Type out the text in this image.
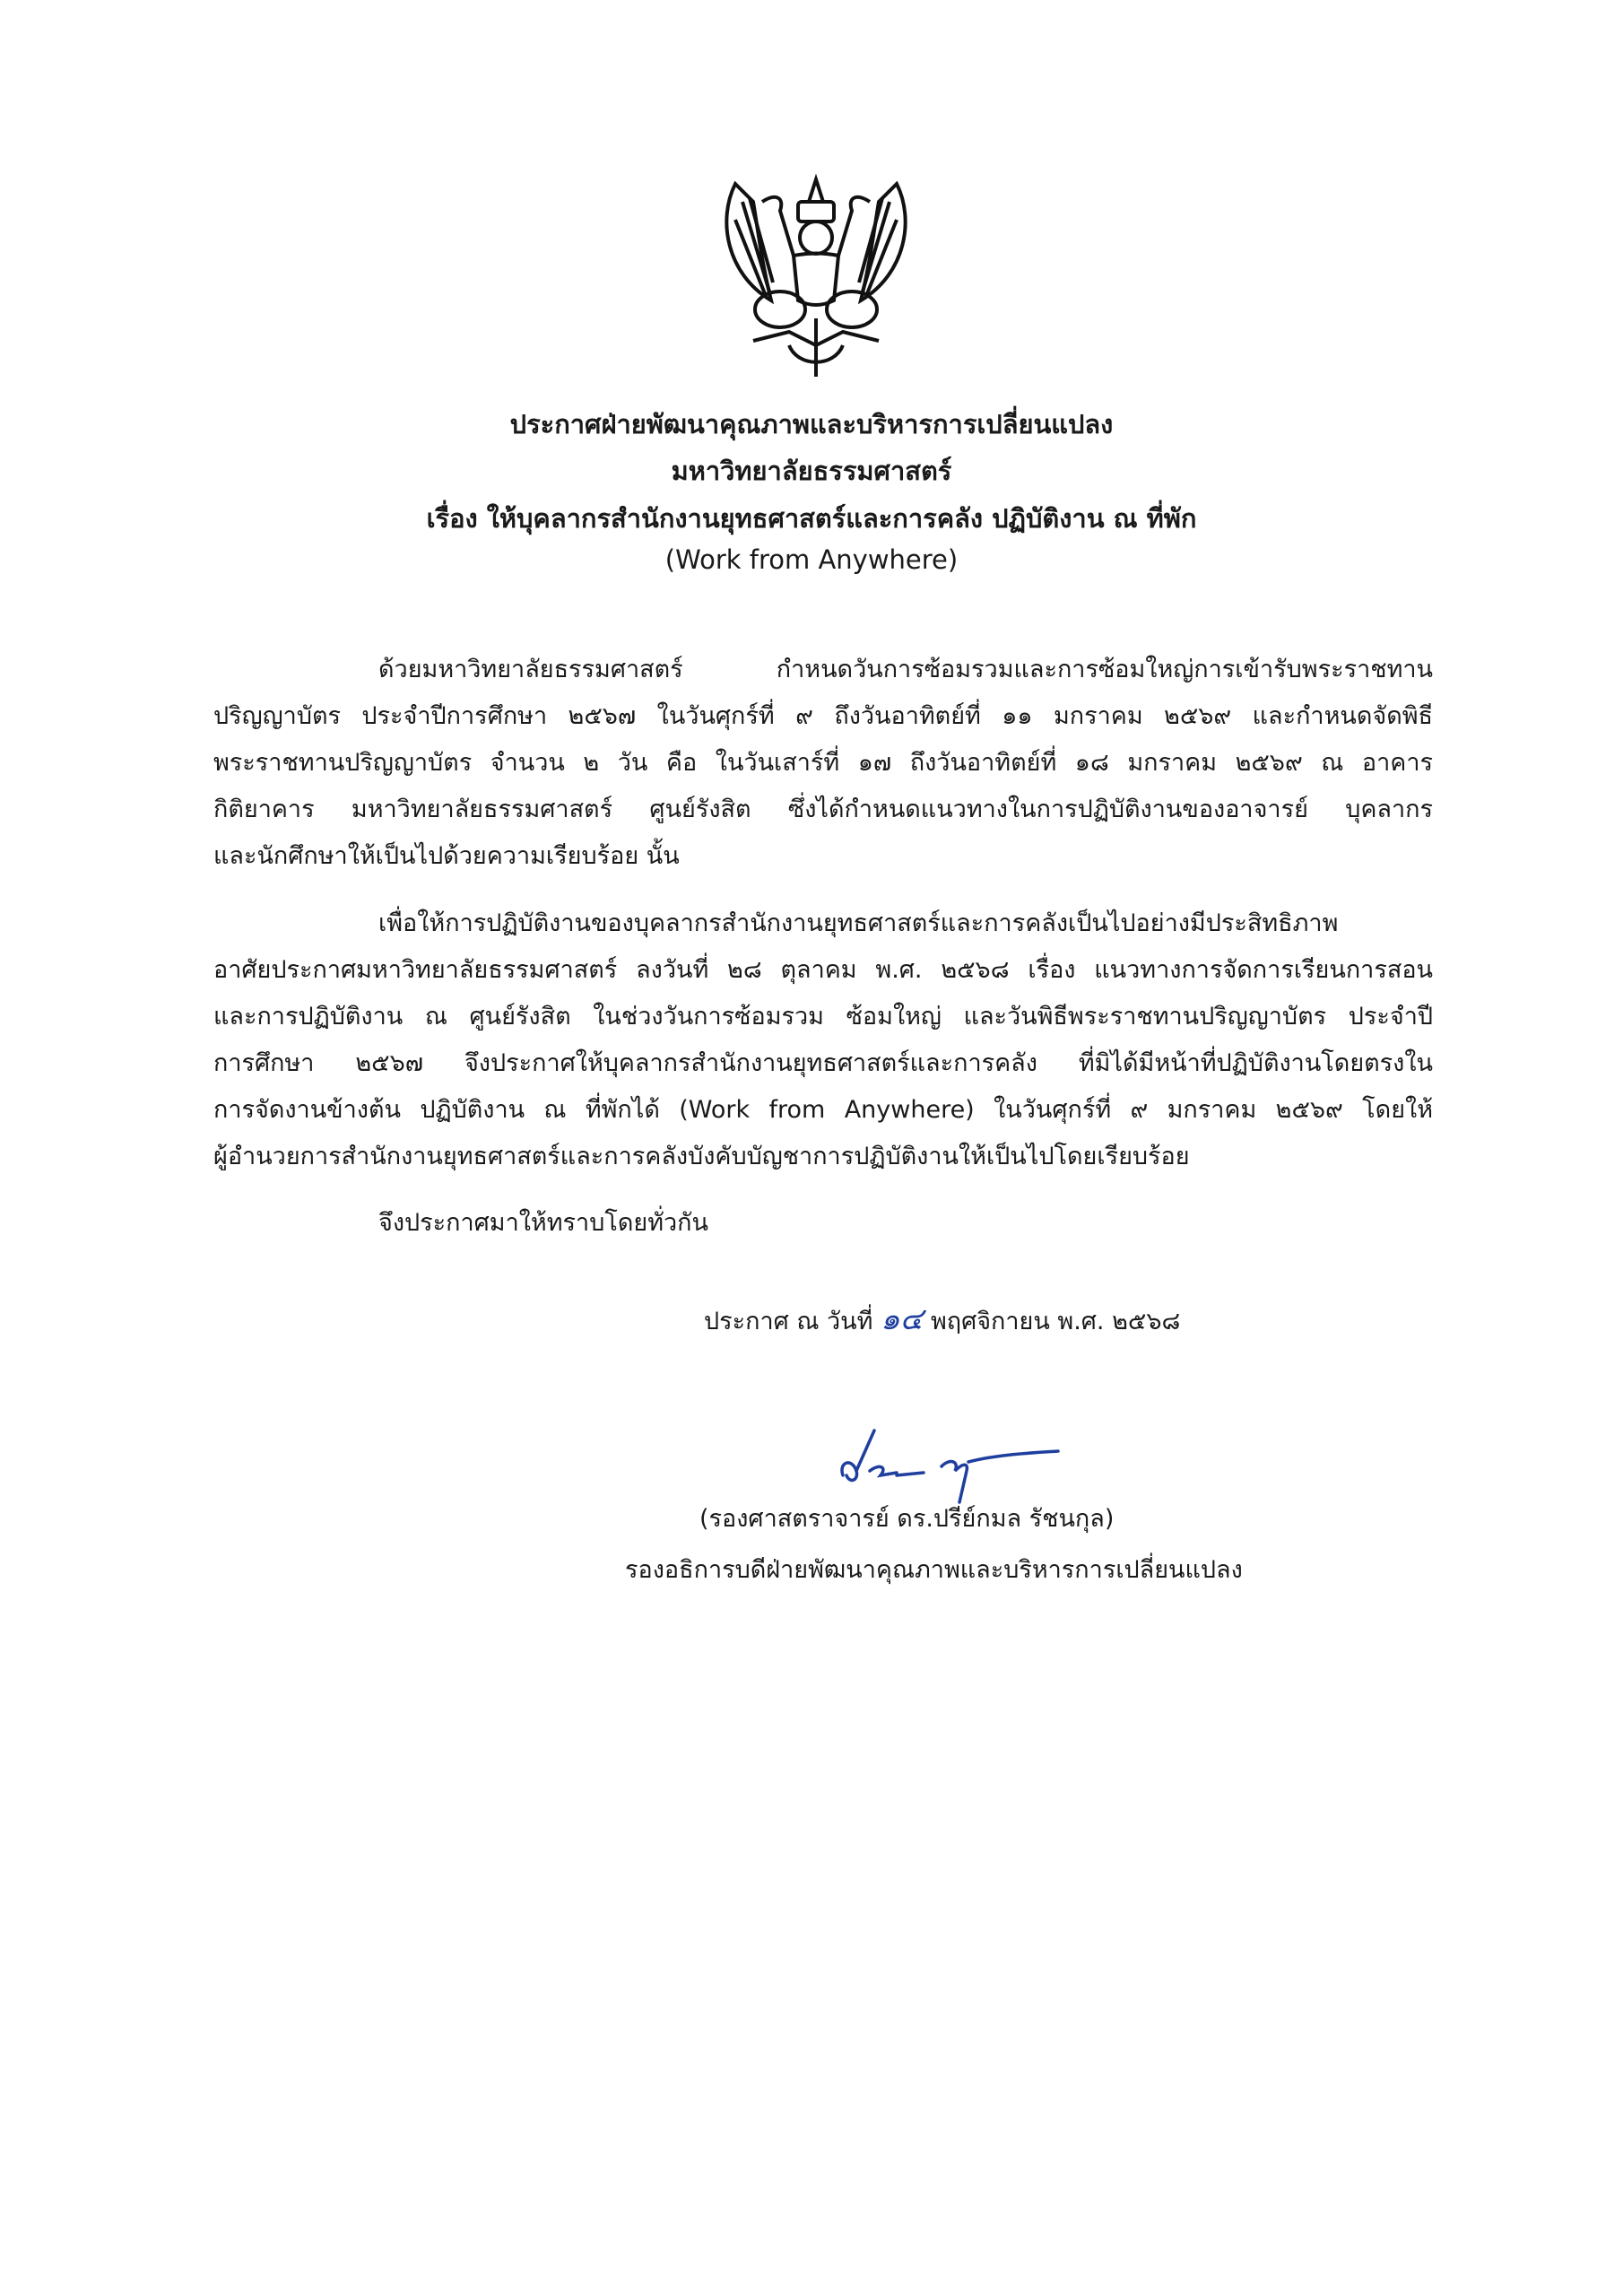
ประกาศฝ่ายพัฒนาคุณภาพและบริหารการเปลี่ยนแปลง
มหาวิทยาลัยธรรมศาสตร์
เรื่อง ให้บุคลากรสำนักงานยุทธศาสตร์และการคลัง ปฏิบัติงาน ณ ที่พัก
(Work from Anywhere)
ด้วยมหาวิทยาลัยธรรมศาสตร์ กำหนดวันการซ้อมรวมและการซ้อมใหญ่การเข้ารับพระราชทาน
ปริญญาบัตร ประจำปีการศึกษา ๒๕๖๗ ในวันศุกร์ที่ ๙ ถึงวันอาทิตย์ที่ ๑๑ มกราคม ๒๕๖๙ และกำหนดจัดพิธี
พระราชทานปริญญาบัตร จำนวน ๒ วัน คือ ในวันเสาร์ที่ ๑๗ ถึงวันอาทิตย์ที่ ๑๘ มกราคม ๒๕๖๙ ณ อาคาร
กิติยาคาร มหาวิทยาลัยธรรมศาสตร์ ศูนย์รังสิต ซึ่งได้กำหนดแนวทางในการปฏิบัติงานของอาจารย์ บุคลากร
และนักศึกษาให้เป็นไปด้วยความเรียบร้อย นั้น
เพื่อให้การปฏิบัติงานของบุคลากรสำนักงานยุทธศาสตร์และการคลังเป็นไปอย่างมีประสิทธิภาพ
อาศัยประกาศมหาวิทยาลัยธรรมศาสตร์ ลงวันที่ ๒๘ ตุลาคม พ.ศ. ๒๕๖๘ เรื่อง แนวทางการจัดการเรียนการสอน
และการปฏิบัติงาน ณ ศูนย์รังสิต ในช่วงวันการซ้อมรวม ซ้อมใหญ่ และวันพิธีพระราชทานปริญญาบัตร ประจำปี
การศึกษา ๒๕๖๗ จึงประกาศให้บุคลากรสำนักงานยุทธศาสตร์และการคลัง ที่มิได้มีหน้าที่ปฏิบัติงานโดยตรงใน
การจัดงานข้างต้น ปฏิบัติงาน ณ ที่พักได้ (Work from Anywhere) ในวันศุกร์ที่ ๙ มกราคม ๒๕๖๙ โดยให้
ผู้อำนวยการสำนักงานยุทธศาสตร์และการคลังบังคับบัญชาการปฏิบัติงานให้เป็นไปโดยเรียบร้อย
จึงประกาศมาให้ทราบโดยทั่วกัน
ประกาศ ณ วันที่ ๑๔ พฤศจิกายน พ.ศ. ๒๕๖๘
(รองศาสตราจารย์ ดร.ปรีย์กมล รัชนกุล)
รองอธิการบดีฝ่ายพัฒนาคุณภาพและบริหารการเปลี่ยนแปลง
